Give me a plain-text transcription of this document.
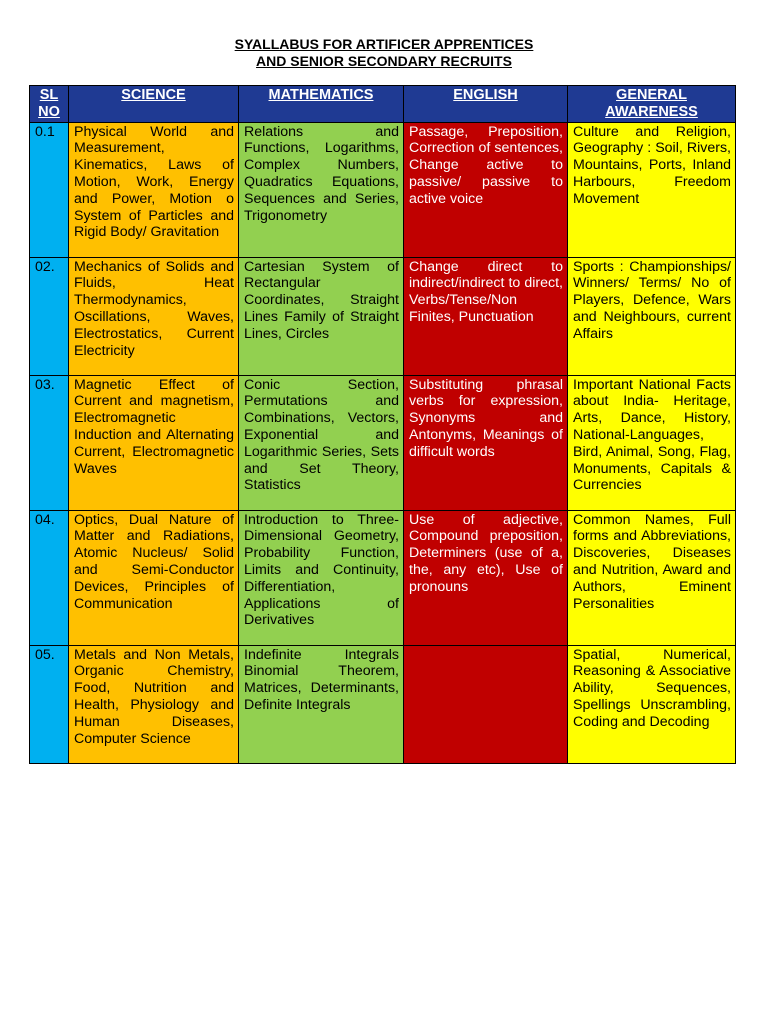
SYALLABUS FOR ARTIFICER APPRENTICES
AND SENIOR SECONDARY RECRUITS
SL NO	SCIENCE	MATHEMATICS	ENGLISH	GENERAL AWARENESS
0.1	Physical World and Measurement, Kinematics, Laws of Motion, Work, Energy and Power, Motion o System of Particles and Rigid Body/ Gravitation	Relations and Functions, Logarithms, Complex Numbers, Quadratics Equations, Sequences and Series, Trigonometry	Passage, Preposition, Correction of sentences, Change active to passive/ passive to active voice	Culture and Religion, Geography : Soil, Rivers, Mountains, Ports, Inland Harbours, Freedom Movement
02.	Mechanics of Solids and Fluids, Heat Thermodynamics, Oscillations, Waves, Electrostatics, Current Electricity	Cartesian System of Rectangular Coordinates, Straight Lines Family of Straight Lines, Circles	Change direct to indirect/indirect to direct, Verbs/Tense/Non Finites, Punctuation	Sports : Championships/ Winners/ Terms/ No of Players, Defence, Wars and Neighbours, current Affairs
03.	Magnetic Effect of Current and magnetism, Electromagnetic Induction and Alternating Current, Electromagnetic Waves	Conic Section, Permutations and Combinations, Vectors, Exponential and Logarithmic Series, Sets and Set Theory, Statistics	Substituting phrasal verbs for expression, Synonyms and Antonyms, Meanings of difficult words	Important National Facts about India- Heritage, Arts, Dance, History, National-Languages, Bird, Animal, Song, Flag, Monuments, Capitals & Currencies
04.	Optics, Dual Nature of Matter and Radiations, Atomic Nucleus/ Solid and Semi-Conductor Devices, Principles of Communication	Introduction to Three- Dimensional Geometry, Probability Function, Limits and Continuity, Differentiation, Applications of Derivatives	Use of adjective, Compound preposition, Determiners (use of a, the, any etc), Use of pronouns	Common Names, Full forms and Abbreviations, Discoveries, Diseases and Nutrition, Award and Authors, Eminent Personalities
05.	Metals and Non Metals, Organic Chemistry, Food, Nutrition and Health, Physiology and Human Diseases, Computer Science	Indefinite Integrals Binomial Theorem, Matrices, Determinants, Definite Integrals		Spatial, Numerical, Reasoning & Associative Ability, Sequences, Spellings Unscrambling, Coding and Decoding
